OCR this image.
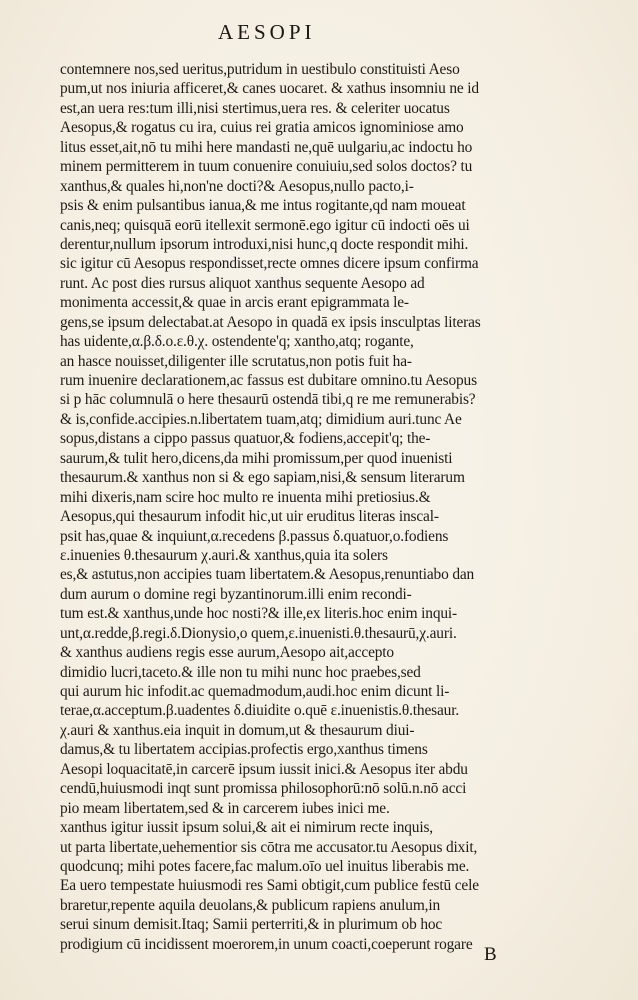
AESOPI
contemnere nos,sed ueritus,putridum in uestibulo constituisti Aeso
pum,ut nos iniuria afficeret,& canes uocaret. & xathus insomniu ne id
est,an uera res:tum illi,nisi stertimus,uera res. & celeriter uocatus
Aesopus,& rogatus cu ira, cuius rei gratia amicos ignominiose amo
litus esset,ait,nō tu mihi here mandasti ne,quē uulgariu,ac indoctu ho
minem permitterem in tuum conuenire conuiuiu,sed solos doctos? tu
xanthus,& quales hi,non'ne docti?& Aesopus,nullo pacto,i-
psis & enim pulsantibus ianua,& me intus rogitante,qd nam moueat
canis,neq; quisquā eorū itellexit sermonē.ego igitur cū indocti oēs ui
derentur,nullum ipsorum introduxi,nisi hunc,q docte respondit mihi.
sic igitur cū Aesopus respondisset,recte omnes dicere ipsum confirma
runt. Ac post dies rursus aliquot xanthus sequente Aesopo ad
monimenta accessit,& quae in arcis erant epigrammata le-
gens,se ipsum delectabat.at Aesopo in quadā ex ipsis insculptas literas
has uidente,α.β.δ.ο.ε.θ.χ. ostendente'q; xantho,atq; rogante,
an hasce nouisset,diligenter ille scrutatus,non potis fuit ha-
rum inuenire declarationem,ac fassus est dubitare omnino.tu Aesopus
si p hāc columnulā o here thesaurū ostendā tibi,q re me remunerabis?
& is,confide.accipies.n.libertatem tuam,atq; dimidium auri.tunc Ae
sopus,distans a cippo passus quatuor,& fodiens,accepit'q; the-
saurum,& tulit hero,dicens,da mihi promissum,per quod inuenisti
thesaurum.& xanthus non si & ego sapiam,nisi,& sensum literarum
mihi dixeris,nam scire hoc multo re inuenta mihi pretiosius.&
Aesopus,qui thesaurum infodit hic,ut uir eruditus literas inscal-
psit has,quae & inquiunt,α.recedens β.passus δ.quatuor,ο.fodiens
ε.inuenies θ.thesaurum χ.auri.& xanthus,quia ita solers
es,& astutus,non accipies tuam libertatem.& Aesopus,renuntiabo dan
dum aurum o domine regi byzantinorum.illi enim recondi-
tum est.& xanthus,unde hoc nosti?& ille,ex literis.hoc enim inqui-
unt,α.redde,β.regi.δ.Dionysio,ο quem,ε.inuenisti.θ.thesaurū,χ.auri.
& xanthus audiens regis esse aurum,Aesopo ait,accepto
dimidio lucri,taceto.& ille non tu mihi nunc hoc praebes,sed
qui aurum hic infodit.ac quemadmodum,audi.hoc enim dicunt li-
terae,α.acceptum.β.uadentes δ.diuidite ο.quē ε.inuenistis.θ.thesaur.
χ.auri & xanthus.eia inquit in domum,ut & thesaurum diui-
damus,& tu libertatem accipias.profectis ergo,xanthus timens
Aesopi loquacitatē,in carcerē ipsum iussit inici.& Aesopus iter abdu
cendū,huiusmodi inqt sunt promissa philosophorū:nō solū.n.nō acci
pio meam libertatem,sed & in carcerem iubes inici me.
xanthus igitur iussit ipsum solui,& ait ei nimirum recte inquis,
ut parta libertate,uehementior sis cōtra me accusator.tu Aesopus dixit,
quodcunq; mihi potes facere,fac malum.oīo uel inuitus liberabis me.
Ea uero tempestate huiusmodi res Sami obtigit,cum publice festū cele
braretur,repente aquila deuolans,& publicum rapiens anulum,in
serui sinum demisit.Itaq; Samii perterriti,& in plurimum ob hoc
prodigium cū incidissent moerorem,in unum coacti,coeperunt rogare B
